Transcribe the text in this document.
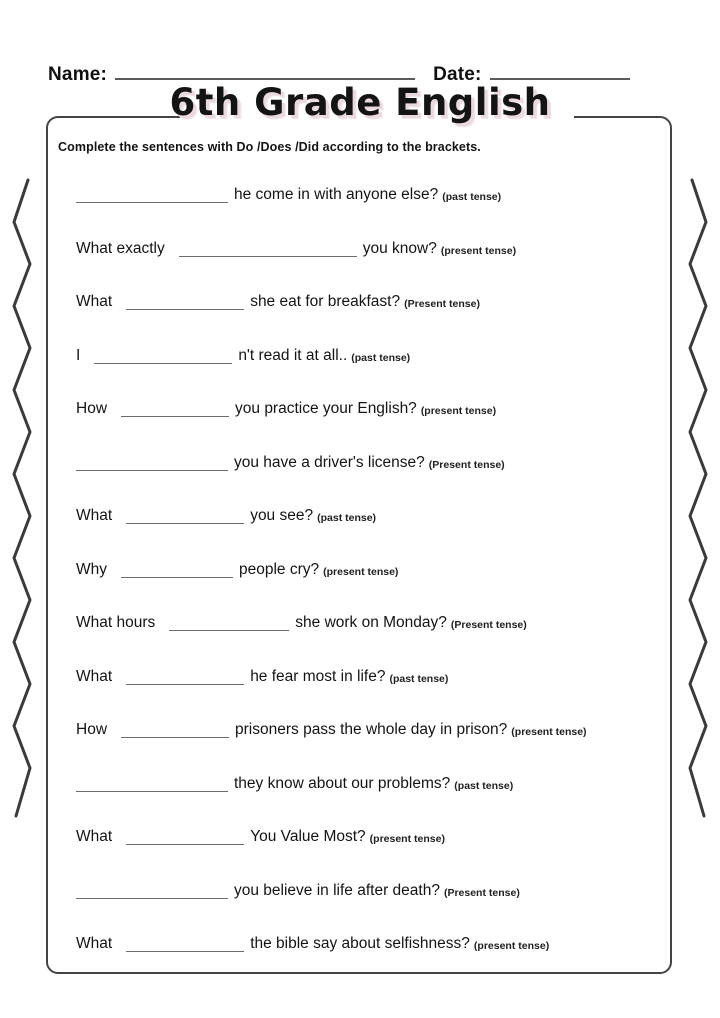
Name:	Date:
6th Grade English
Complete the sentences with Do /Does /Did according to the brackets.
he come in with anyone else? (past tense)
What exactly	you know? (present tense)
What	she eat for breakfast? (Present tense)
I	n't read it at all.. (past tense)
How	you practice your English? (present tense)
you have a driver's license? (Present tense)
What	you see? (past tense)
Why	people cry? (present tense)
What hours	she work on Monday? (Present tense)
What	he fear most in life? (past tense)
How	prisoners pass the whole day in prison? (present tense)
they know about our problems? (past tense)
What	You Value Most? (present tense)
you believe in life after death? (Present tense)
What	the bible say about selfishness? (present tense)
